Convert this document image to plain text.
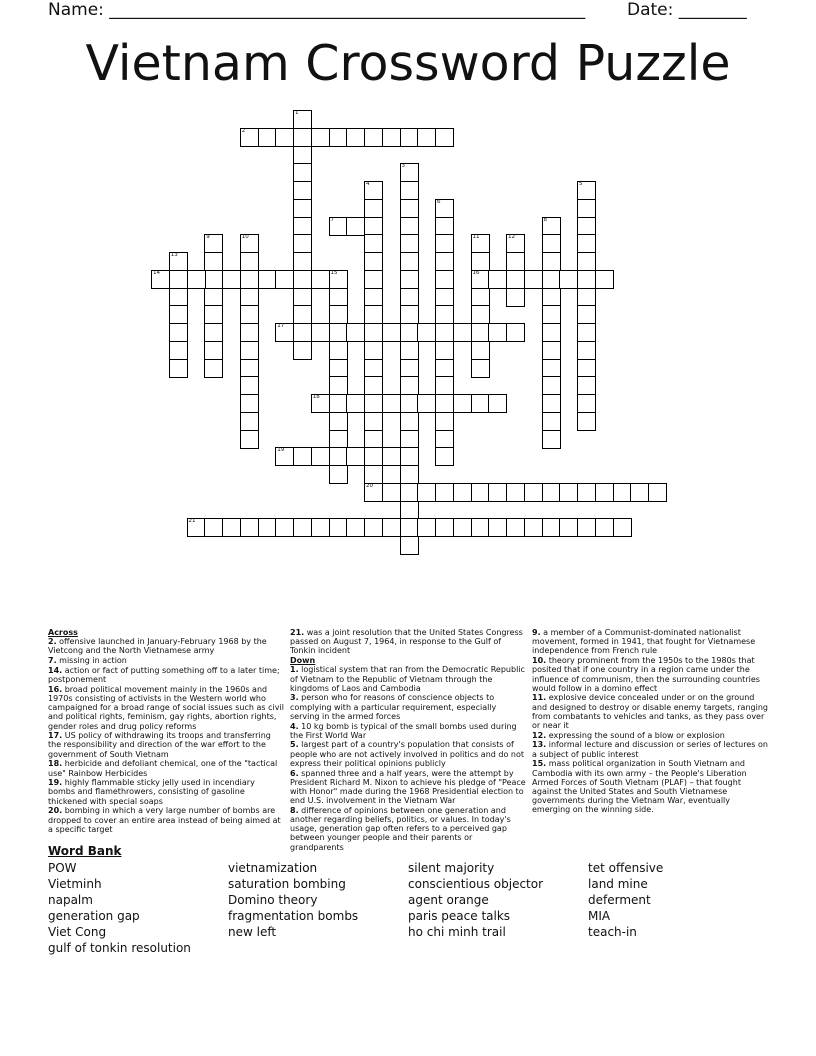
Name: ________________________________________________________ Date: ________
Vietnam Crossword Puzzle
1
2
3
4
20
5
6
7	8
9	10	11
16
12
13
14	15
17
18
19
21
Across
2. offensive launched in January-February 1968 by the Vietcong and the North Vietnamese army
7. missing in action
14. action or fact of putting something off to a later time; postponement
16. broad political movement mainly in the 1960s and 1970s consisting of activists in the Western world who campaigned for a broad range of social issues such as civil and political rights, feminism, gay rights, abortion rights, gender roles and drug policy reforms
17. US policy of withdrawing its troops and transferring the responsibility and direction of the war effort to the government of South Vietnam
18. herbicide and defoliant chemical, one of the "tactical use" Rainbow Herbicides
19. highly flammable sticky jelly used in incendiary bombs and flamethrowers, consisting of gasoline thickened with special soaps
20. bombing in which a very large number of bombs are dropped to cover an entire area instead of being aimed at a specific target
21. was a joint resolution that the United States Congress passed on August 7, 1964, in response to the Gulf of Tonkin incident
Down
1. logistical system that ran from the Democratic Republic of Vietnam to the Republic of Vietnam through the kingdoms of Laos and Cambodia
3. person who for reasons of conscience objects to complying with a particular requirement, especially serving in the armed forces
4. 10 kg bomb is typical of the small bombs used during the First World War
5. largest part of a country's population that consists of people who are not actively involved in politics and do not express their political opinions publicly
6. spanned three and a half years, were the attempt by President Richard M. Nixon to achieve his pledge of "Peace with Honor" made during the 1968 Presidential election to end U.S. involvement in the Vietnam War
8. difference of opinions between one generation and another regarding beliefs, politics, or values. In today's usage, generation gap often refers to a perceived gap between younger people and their parents or grandparents
9. a member of a Communist-dominated nationalist movement, formed in 1941, that fought for Vietnamese independence from French rule
10. theory prominent from the 1950s to the 1980s that posited that if one country in a region came under the influence of communism, then the surrounding countries would follow in a domino effect
11. explosive device concealed under or on the ground and designed to destroy or disable enemy targets, ranging from combatants to vehicles and tanks, as they pass over or near it
12. expressing the sound of a blow or explosion
13. informal lecture and discussion or series of lectures on a subject of public interest
15. mass political organization in South Vietnam and Cambodia with its own army – the People's Liberation Armed Forces of South Vietnam (PLAF) – that fought against the United States and South Vietnamese governments during the Vietnam War, eventually emerging on the winning side.
Word Bank
POW
Vietminh
napalm
generation gap
Viet Cong
gulf of tonkin resolution
vietnamization
saturation bombing
Domino theory
fragmentation bombs
new left
silent majority
conscientious objector
agent orange
paris peace talks
ho chi minh trail
tet offensive
land mine
deferment
MIA
teach-in
